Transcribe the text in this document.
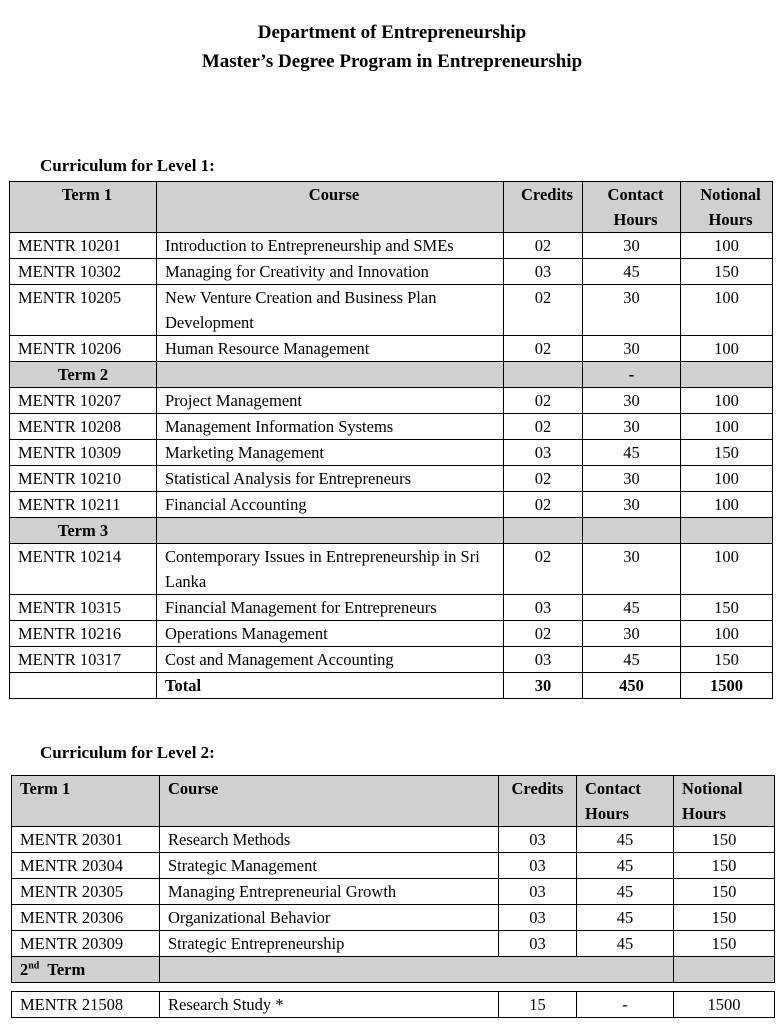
Department of Entrepreneurship
Master’s Degree Program in Entrepreneurship
Curriculum for Level 1:
Term 1	Course	Credits	Contact Hours	Notional Hours
MENTR 10201	Introduction to Entrepreneurship and SMEs	02	30	100
MENTR 10302	Managing for Creativity and Innovation	03	45	150
MENTR 10205	New Venture Creation and Business Plan Development	02	30	100
MENTR 10206	Human Resource Management	02	30	100
Term 2			-	
MENTR 10207	Project Management	02	30	100
MENTR 10208	Management Information Systems	02	30	100
MENTR 10309	Marketing Management	03	45	150
MENTR 10210	Statistical Analysis for Entrepreneurs	02	30	100
MENTR 10211	Financial Accounting	02	30	100
Term 3				
MENTR 10214	Contemporary Issues in Entrepreneurship in Sri Lanka	02	30	100
MENTR 10315	Financial Management for Entrepreneurs	03	45	150
MENTR 10216	Operations Management	02	30	100
MENTR 10317	Cost and Management Accounting	03	45	150
	Total	30	450	1500
Curriculum for Level 2:
Term 1	Course	Credits	Contact Hours	Notional Hours
MENTR 20301	Research Methods	03	45	150
MENTR 20304	Strategic Management	03	45	150
MENTR 20305	Managing Entrepreneurial Growth	03	45	150
MENTR 20306	Organizational Behavior	03	45	150
MENTR 20309	Strategic Entrepreneurship	03	45	150
2nd Term				

MENTR 21508	Research Study *	15	-	1500
